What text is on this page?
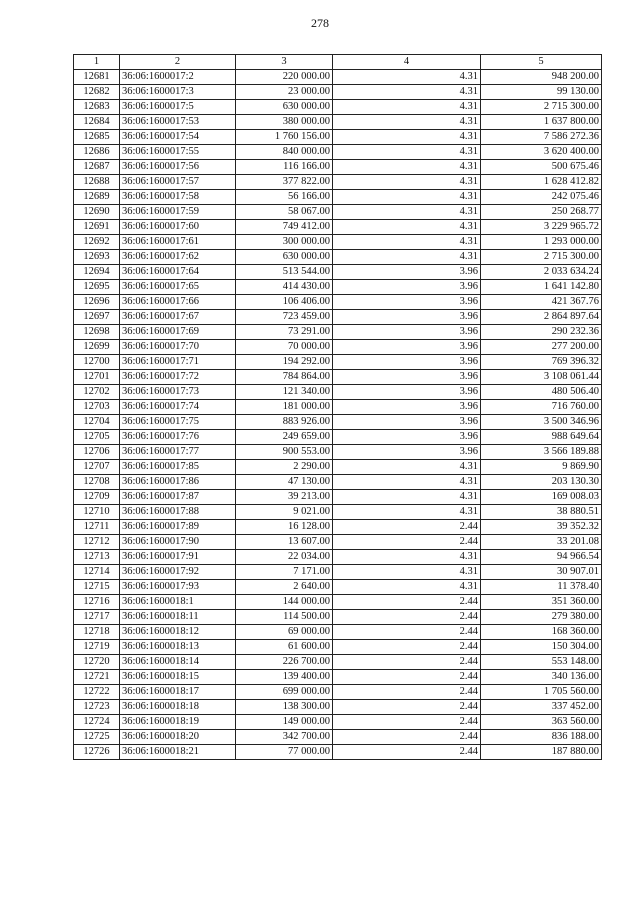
278
1	2	3	4	5
12681	36:06:1600017:2	220 000.00	4.31	948 200.00
12682	36:06:1600017:3	23 000.00	4.31	99 130.00
12683	36:06:1600017:5	630 000.00	4.31	2 715 300.00
12684	36:06:1600017:53	380 000.00	4.31	1 637 800.00
12685	36:06:1600017:54	1 760 156.00	4.31	7 586 272.36
12686	36:06:1600017:55	840 000.00	4.31	3 620 400.00
12687	36:06:1600017:56	116 166.00	4.31	500 675.46
12688	36:06:1600017:57	377 822.00	4.31	1 628 412.82
12689	36:06:1600017:58	56 166.00	4.31	242 075.46
12690	36:06:1600017:59	58 067.00	4.31	250 268.77
12691	36:06:1600017:60	749 412.00	4.31	3 229 965.72
12692	36:06:1600017:61	300 000.00	4.31	1 293 000.00
12693	36:06:1600017:62	630 000.00	4.31	2 715 300.00
12694	36:06:1600017:64	513 544.00	3.96	2 033 634.24
12695	36:06:1600017:65	414 430.00	3.96	1 641 142.80
12696	36:06:1600017:66	106 406.00	3.96	421 367.76
12697	36:06:1600017:67	723 459.00	3.96	2 864 897.64
12698	36:06:1600017:69	73 291.00	3.96	290 232.36
12699	36:06:1600017:70	70 000.00	3.96	277 200.00
12700	36:06:1600017:71	194 292.00	3.96	769 396.32
12701	36:06:1600017:72	784 864.00	3.96	3 108 061.44
12702	36:06:1600017:73	121 340.00	3.96	480 506.40
12703	36:06:1600017:74	181 000.00	3.96	716 760.00
12704	36:06:1600017:75	883 926.00	3.96	3 500 346.96
12705	36:06:1600017:76	249 659.00	3.96	988 649.64
12706	36:06:1600017:77	900 553.00	3.96	3 566 189.88
12707	36:06:1600017:85	2 290.00	4.31	9 869.90
12708	36:06:1600017:86	47 130.00	4.31	203 130.30
12709	36:06:1600017:87	39 213.00	4.31	169 008.03
12710	36:06:1600017:88	9 021.00	4.31	38 880.51
12711	36:06:1600017:89	16 128.00	2.44	39 352.32
12712	36:06:1600017:90	13 607.00	2.44	33 201.08
12713	36:06:1600017:91	22 034.00	4.31	94 966.54
12714	36:06:1600017:92	7 171.00	4.31	30 907.01
12715	36:06:1600017:93	2 640.00	4.31	11 378.40
12716	36:06:1600018:1	144 000.00	2.44	351 360.00
12717	36:06:1600018:11	114 500.00	2.44	279 380.00
12718	36:06:1600018:12	69 000.00	2.44	168 360.00
12719	36:06:1600018:13	61 600.00	2.44	150 304.00
12720	36:06:1600018:14	226 700.00	2.44	553 148.00
12721	36:06:1600018:15	139 400.00	2.44	340 136.00
12722	36:06:1600018:17	699 000.00	2.44	1 705 560.00
12723	36:06:1600018:18	138 300.00	2.44	337 452.00
12724	36:06:1600018:19	149 000.00	2.44	363 560.00
12725	36:06:1600018:20	342 700.00	2.44	836 188.00
12726	36:06:1600018:21	77 000.00	2.44	187 880.00
